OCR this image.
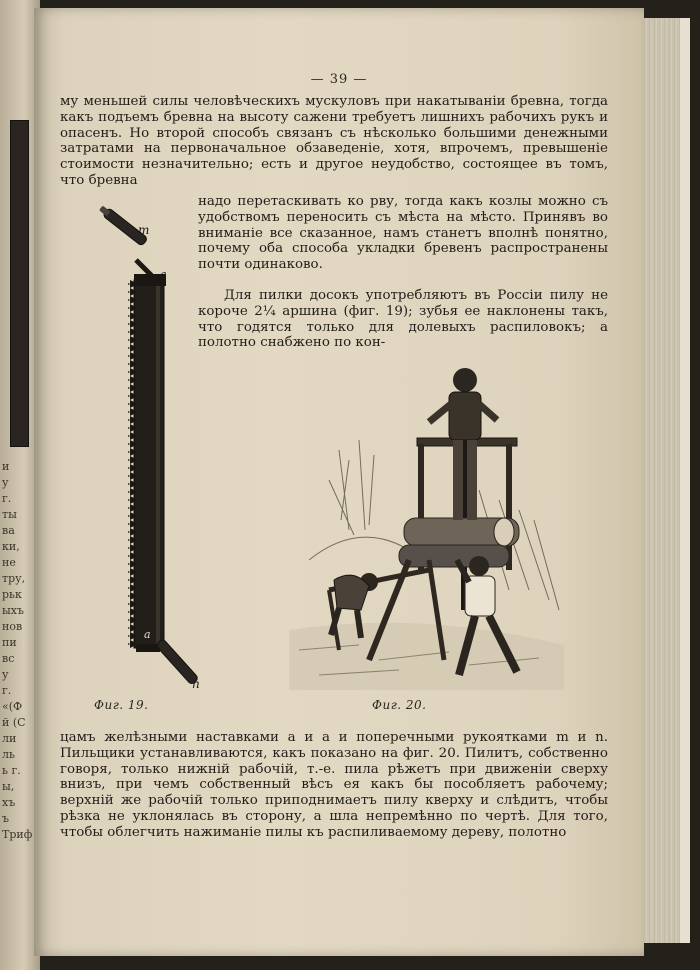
и
у
г.
ты
ва
ки,
не
тру,
рьк
ыхъ
нов
пи
вс
у
г.
«(Ф
й (С
ли
ль
ь г.
ы,
хъ
ъ
Триф
— 39 —

му меньшей силы человѣческихъ мускуловъ при накатыванiи бревна, тогда какъ подъемъ бревна на высоту сажени требуетъ лишнихъ рабочихъ рукъ и опасенъ. Но второй способъ связанъ съ нѣсколько большими денежными затратами на первоначальное обзаведенiе, хотя, впрочемъ, превышенiе стоимости незначительно; есть и другое неудобство, состоящее въ томъ, что бревна

m
a
a
n

надо перетаскивать ко рву, тогда какъ козлы можно съ удобствомъ переносить съ мѣста на мѣсто. Принявъ во вниманiе все сказанное, намъ станетъ вполнѣ понятно, почему оба способа укладки бревенъ распространены почти одинаково.

Для пилки досокъ употребляютъ въ Россiи пилу не короче 2¼ аршина (фиг. 19); зубья ее наклонены такъ, что годятся только для долевыхъ распиловокъ; а полотно снабжено по кон-

Фиг. 19.	Фиг. 20.

цамъ желѣзными наставками a и a и поперечными рукоятками m и n. Пильщики устанавливаются, какъ показано на фиг. 20. Пилитъ, собственно говоря, только нижнiй рабочiй, т.-е. пила рѣжетъ при движенiи сверху внизъ, при чемъ собственный вѣсъ ея какъ бы пособляетъ рабочему; верхнiй же рабочiй только приподнимаетъ пилу кверху и слѣдитъ, чтобы рѣзка не уклонялась въ сторону, а шла непремѣнно по чертѣ. Для того, чтобы облегчить нажиманiе пилы къ распиливаемому дереву, полотно
